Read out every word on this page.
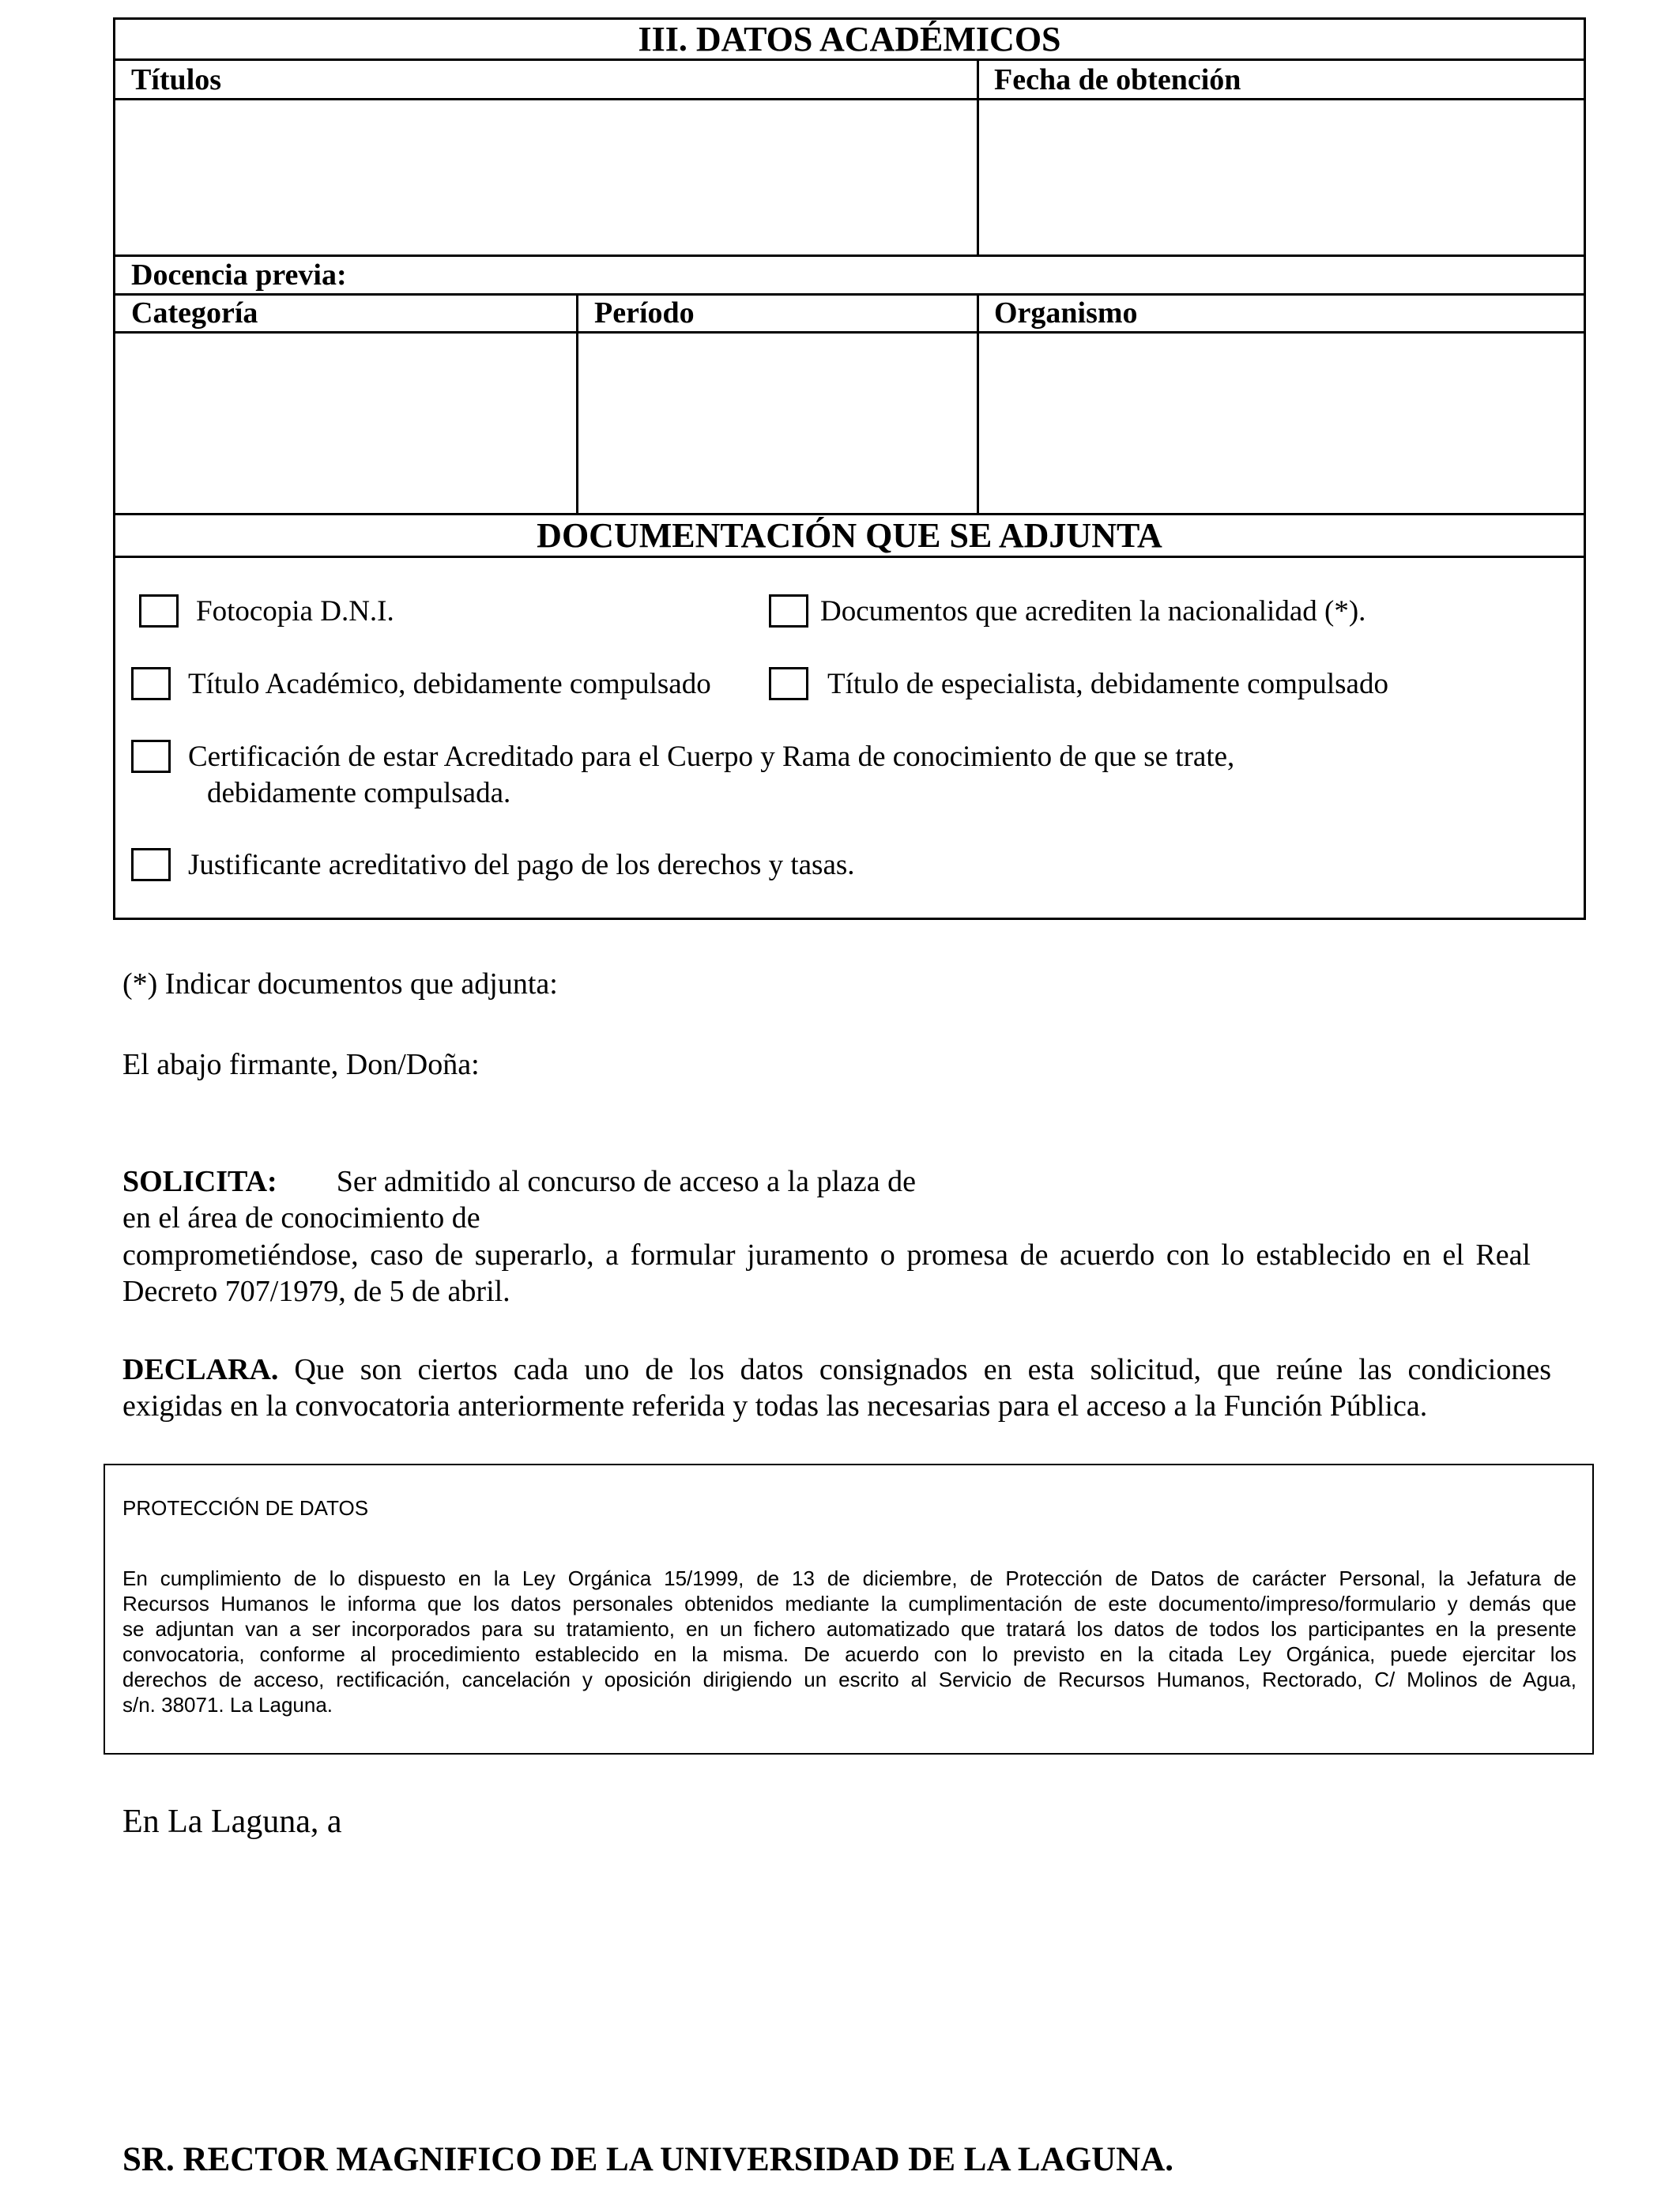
III. DATOS ACADÉMICOS
Títulos	Fecha de obtención
Docencia previa:
Categoría	Período	Organismo
DOCUMENTACIÓN QUE SE ADJUNTA
Fotocopia D.N.I.	Documentos que acrediten la nacionalidad (*).
Título Académico, debidamente compulsado	Título de especialista, debidamente compulsado
Certificación de estar Acreditado para el Cuerpo y Rama de conocimiento de que se trate,
debidamente compulsada.
Justificante acreditativo del pago de los derechos y tasas.
(*) Indicar documentos que adjunta:
El abajo firmante, Don/Doña:
SOLICITA: Ser admitido al concurso de acceso a la plaza de
en el área de conocimiento de
comprometiéndose, caso de superarlo, a formular juramento o promesa de acuerdo con lo establecido en el Real
Decreto 707/1979, de 5 de abril.
DECLARA. Que son ciertos cada uno de los datos consignados en esta solicitud, que reúne las condiciones
exigidas en la convocatoria anteriormente referida y todas las necesarias para el acceso a la Función Pública.
PROTECCIÓN DE DATOS
En cumplimiento de lo dispuesto en la Ley Orgánica 15/1999, de 13 de diciembre, de Protección de Datos de carácter Personal, la Jefatura de
Recursos Humanos le informa que los datos personales obtenidos mediante la cumplimentación de este documento/impreso/formulario y demás que
se adjuntan van a ser incorporados para su tratamiento, en un fichero automatizado que tratará los datos de todos los participantes en la presente
convocatoria, conforme al procedimiento establecido en la misma. De acuerdo con lo previsto en la citada Ley Orgánica, puede ejercitar los
derechos de acceso, rectificación, cancelación y oposición dirigiendo un escrito al Servicio de Recursos Humanos, Rectorado, C/ Molinos de Agua,
s/n. 38071. La Laguna.
En La Laguna, a
SR. RECTOR MAGNIFICO DE LA UNIVERSIDAD DE LA LAGUNA.
